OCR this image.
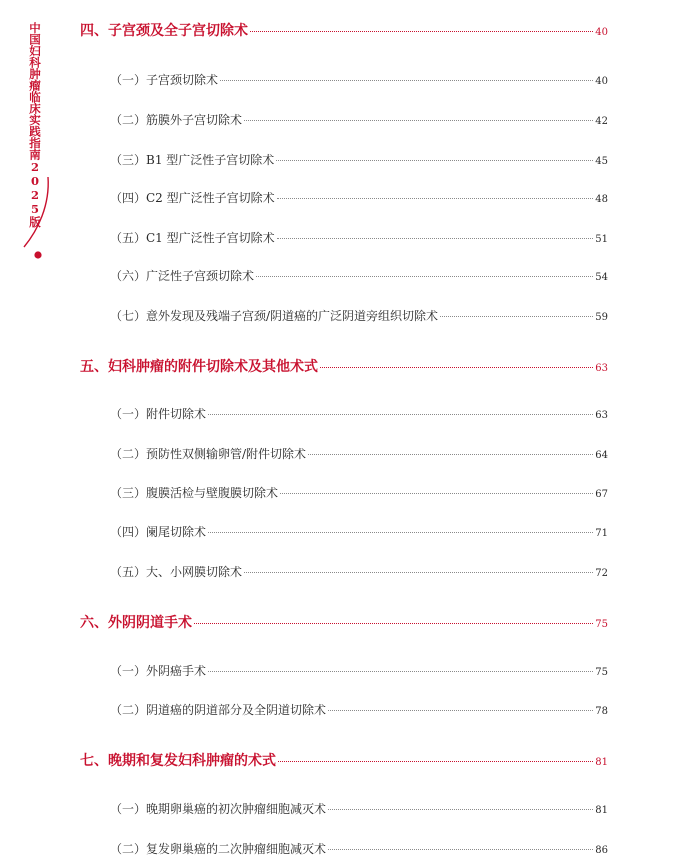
中国妇科肿瘤临床实践指南2025版	四、子宫颈及全子宫切除术	40
（一）子宫颈切除术	40
（二）筋膜外子宫切除术	42
（三）B1 型广泛性子宫切除术	45
（四）C2 型广泛性子宫切除术	48
（五）C1 型广泛性子宫切除术	51
（六）广泛性子宫颈切除术	54
（七）意外发现及残端子宫颈/阴道癌的广泛阴道旁组织切除术	59
五、妇科肿瘤的附件切除术及其他术式	63
（一）附件切除术	63
（二）预防性双侧输卵管/附件切除术	64
（三）腹膜活检与壁腹膜切除术	67
（四）阑尾切除术	71
（五）大、小网膜切除术	72
六、外阴阴道手术	75
（一）外阴癌手术	75
（二）阴道癌的阴道部分及全阴道切除术	78
七、晚期和复发妇科肿瘤的术式	81
（一）晚期卵巢癌的初次肿瘤细胞减灭术	81
（二）复发卵巢癌的二次肿瘤细胞减灭术	86
